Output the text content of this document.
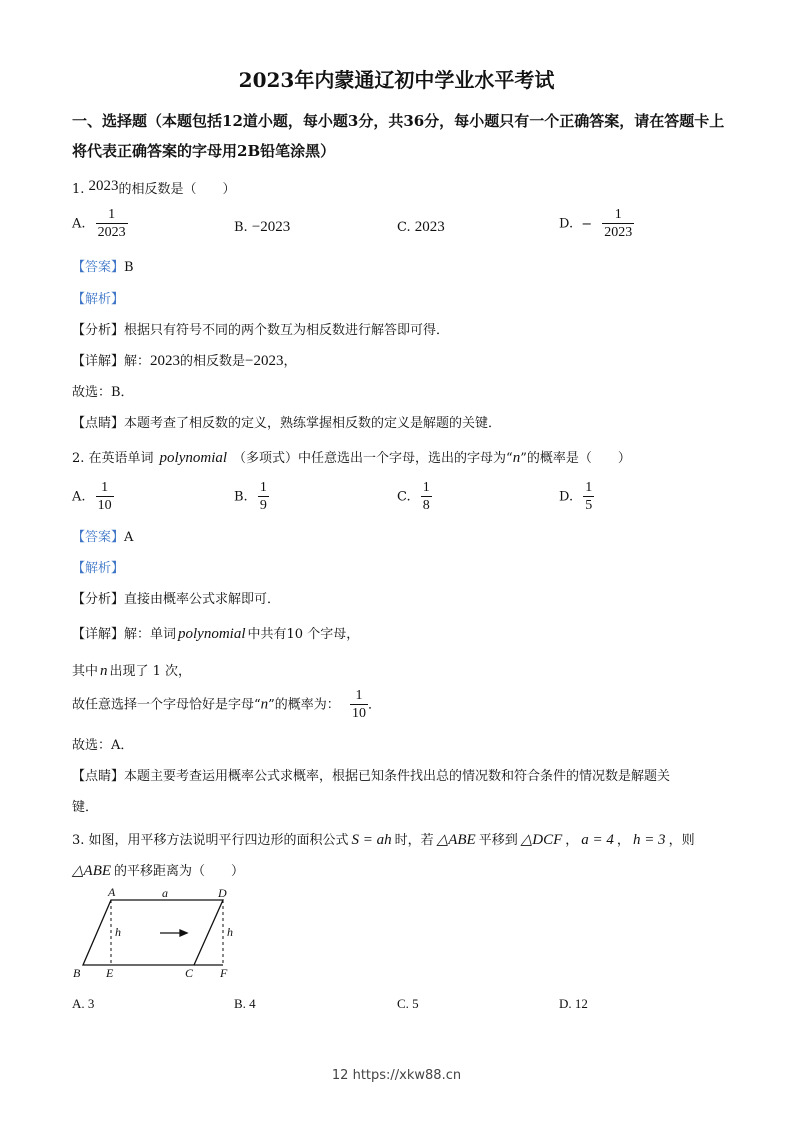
2023年内蒙通辽初中学业水平考试
一、选择题（本题包括12道小题，每小题3分，共36分，每小题只有一个正确答案，请在答题卡上将代表正确答案的字母用2B铅笔涂黑）
1. 2023的相反数是（　　）
A. $\frac{1}{2023}$	B. −2023	C. 2023	D. − $\frac{1}{2023}$
【答案】B
【解析】
【分析】根据只有符号不同的两个数互为相反数进行解答即可得．
【详解】解：2023的相反数是−2023，
故选：B．
【点睛】本题考查了相反数的定义，熟练掌握相反数的定义是解题的关键．
2. 在英语单词 polynomial （多项式）中任意选出一个字母，选出的字母为“n”的概率是（　　）
A. $\frac{1}{10}$	B. $\frac{1}{9}$	C. $\frac{1}{8}$	D. $\frac{1}{5}$
【答案】A
【解析】
【分析】直接由概率公式求解即可．
【详解】解：单词 polynomial 中共有10 个字母，
其中 n 出现了 1 次，
故任意选择一个字母恰好是字母“n”的概率为： $\frac{1}{10}$ ．
故选：A．
【点睛】本题主要考查运用概率公式求概率，根据已知条件找出总的情况数和符合条件的情况数是解题关
键．
3. 如图，用平移方法说明平行四边形的面积公式 S = ah 时，若 △ABE 平移到 △DCF ， a = 4 ， h = 3 ，则
△ABE 的平移距离为（　　）
A	a	D
h	h
B E	C F
A. 3	B. 4	C. 5	D. 12
12 https://xkw88.cn
